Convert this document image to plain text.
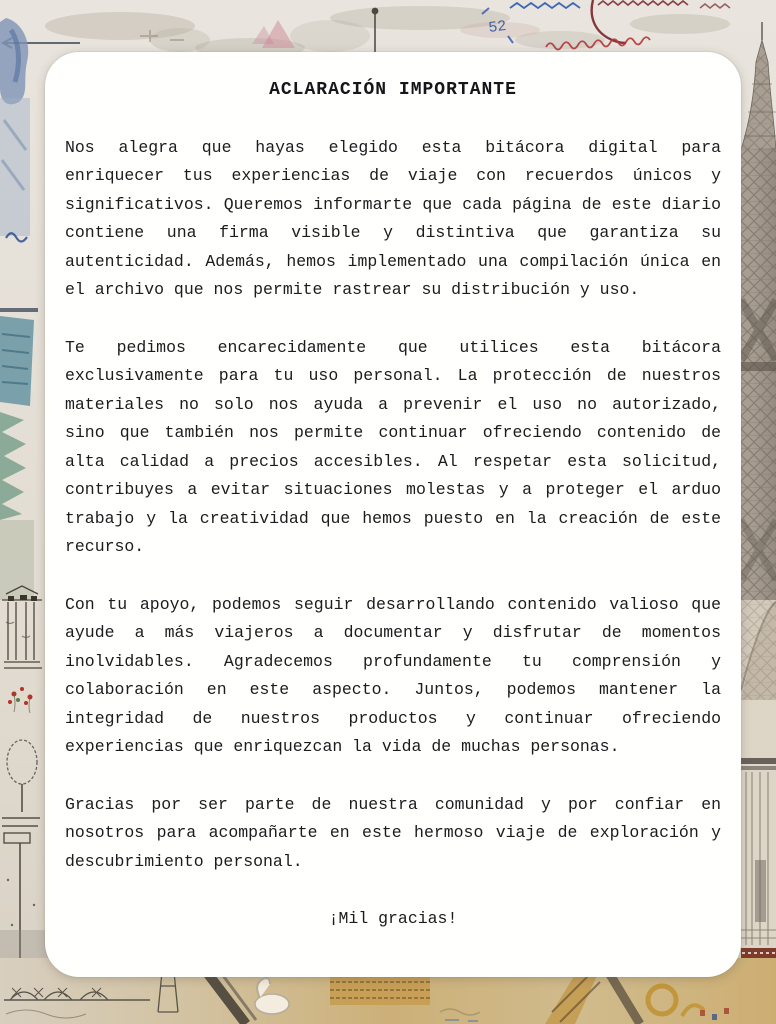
52
ACLARACIÓN IMPORTANTE
Nos alegra que hayas elegido esta bitácora digital para
enriquecer tus experiencias de viaje con recuerdos únicos y
significativos. Queremos informarte que cada página de este diario
contiene una firma visible y distintiva que garantiza su
autenticidad. Además, hemos implementado una compilación única en
el archivo que nos permite rastrear su distribución y uso.
Te pedimos encarecidamente que utilices esta bitácora
exclusivamente para tu uso personal. La protección de nuestros
materiales no solo nos ayuda a prevenir el uso no autorizado,
sino que también nos permite continuar ofreciendo contenido de
alta calidad a precios accesibles. Al respetar esta solicitud,
contribuyes a evitar situaciones molestas y a proteger el arduo
trabajo y la creatividad que hemos puesto en la creación de este
recurso.
Con tu apoyo, podemos seguir desarrollando contenido valioso que
ayude a más viajeros a documentar y disfrutar de momentos
inolvidables. Agradecemos profundamente tu comprensión y
colaboración en este aspecto. Juntos, podemos mantener la
integridad de nuestros productos y continuar ofreciendo
experiencias que enriquezcan la vida de muchas personas.
Gracias por ser parte de nuestra comunidad y por confiar en
nosotros para acompañarte en este hermoso viaje de exploración y
descubrimiento personal.
¡Mil gracias!
